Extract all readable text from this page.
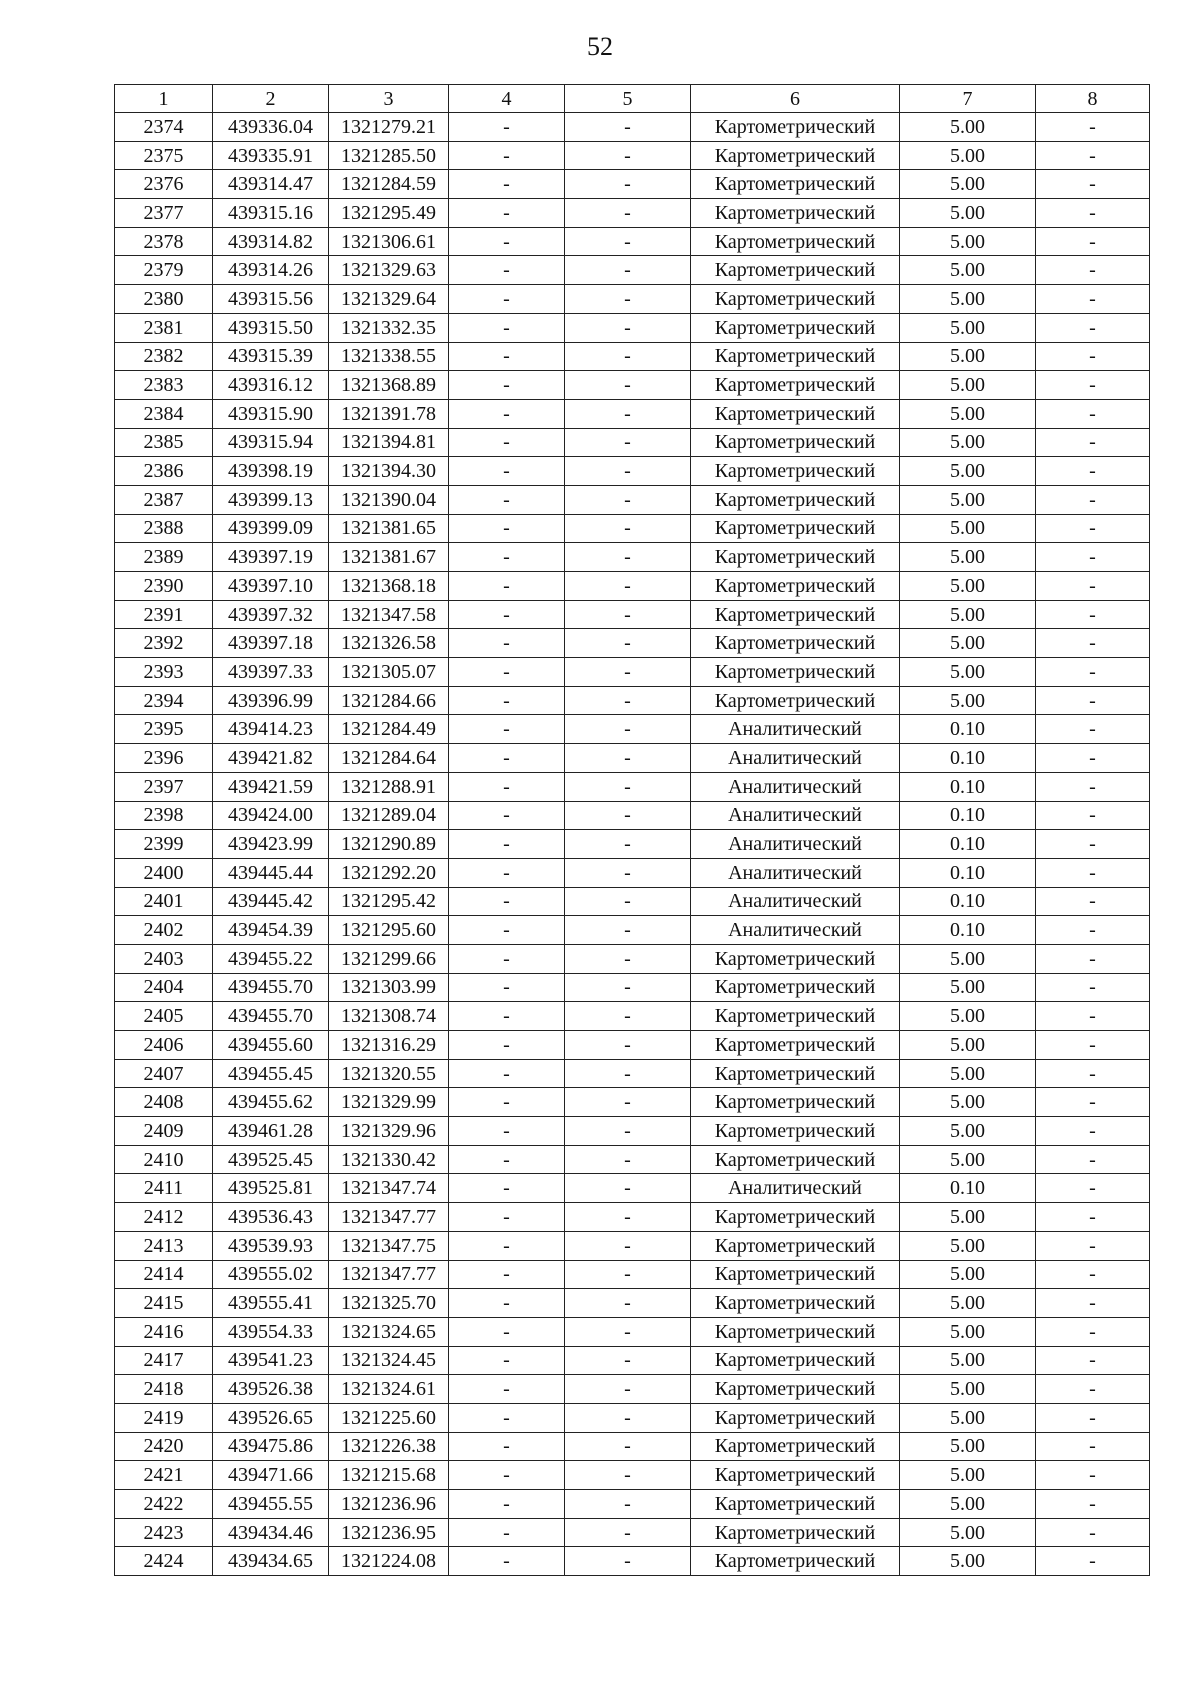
52
1	2	3	4	5	6	7	8
2374	439336.04	1321279.21	-	-	Картометрический	5.00	-
2375	439335.91	1321285.50	-	-	Картометрический	5.00	-
2376	439314.47	1321284.59	-	-	Картометрический	5.00	-
2377	439315.16	1321295.49	-	-	Картометрический	5.00	-
2378	439314.82	1321306.61	-	-	Картометрический	5.00	-
2379	439314.26	1321329.63	-	-	Картометрический	5.00	-
2380	439315.56	1321329.64	-	-	Картометрический	5.00	-
2381	439315.50	1321332.35	-	-	Картометрический	5.00	-
2382	439315.39	1321338.55	-	-	Картометрический	5.00	-
2383	439316.12	1321368.89	-	-	Картометрический	5.00	-
2384	439315.90	1321391.78	-	-	Картометрический	5.00	-
2385	439315.94	1321394.81	-	-	Картометрический	5.00	-
2386	439398.19	1321394.30	-	-	Картометрический	5.00	-
2387	439399.13	1321390.04	-	-	Картометрический	5.00	-
2388	439399.09	1321381.65	-	-	Картометрический	5.00	-
2389	439397.19	1321381.67	-	-	Картометрический	5.00	-
2390	439397.10	1321368.18	-	-	Картометрический	5.00	-
2391	439397.32	1321347.58	-	-	Картометрический	5.00	-
2392	439397.18	1321326.58	-	-	Картометрический	5.00	-
2393	439397.33	1321305.07	-	-	Картометрический	5.00	-
2394	439396.99	1321284.66	-	-	Картометрический	5.00	-
2395	439414.23	1321284.49	-	-	Аналитический	0.10	-
2396	439421.82	1321284.64	-	-	Аналитический	0.10	-
2397	439421.59	1321288.91	-	-	Аналитический	0.10	-
2398	439424.00	1321289.04	-	-	Аналитический	0.10	-
2399	439423.99	1321290.89	-	-	Аналитический	0.10	-
2400	439445.44	1321292.20	-	-	Аналитический	0.10	-
2401	439445.42	1321295.42	-	-	Аналитический	0.10	-
2402	439454.39	1321295.60	-	-	Аналитический	0.10	-
2403	439455.22	1321299.66	-	-	Картометрический	5.00	-
2404	439455.70	1321303.99	-	-	Картометрический	5.00	-
2405	439455.70	1321308.74	-	-	Картометрический	5.00	-
2406	439455.60	1321316.29	-	-	Картометрический	5.00	-
2407	439455.45	1321320.55	-	-	Картометрический	5.00	-
2408	439455.62	1321329.99	-	-	Картометрический	5.00	-
2409	439461.28	1321329.96	-	-	Картометрический	5.00	-
2410	439525.45	1321330.42	-	-	Картометрический	5.00	-
2411	439525.81	1321347.74	-	-	Аналитический	0.10	-
2412	439536.43	1321347.77	-	-	Картометрический	5.00	-
2413	439539.93	1321347.75	-	-	Картометрический	5.00	-
2414	439555.02	1321347.77	-	-	Картометрический	5.00	-
2415	439555.41	1321325.70	-	-	Картометрический	5.00	-
2416	439554.33	1321324.65	-	-	Картометрический	5.00	-
2417	439541.23	1321324.45	-	-	Картометрический	5.00	-
2418	439526.38	1321324.61	-	-	Картометрический	5.00	-
2419	439526.65	1321225.60	-	-	Картометрический	5.00	-
2420	439475.86	1321226.38	-	-	Картометрический	5.00	-
2421	439471.66	1321215.68	-	-	Картометрический	5.00	-
2422	439455.55	1321236.96	-	-	Картометрический	5.00	-
2423	439434.46	1321236.95	-	-	Картометрический	5.00	-
2424	439434.65	1321224.08	-	-	Картометрический	5.00	-
